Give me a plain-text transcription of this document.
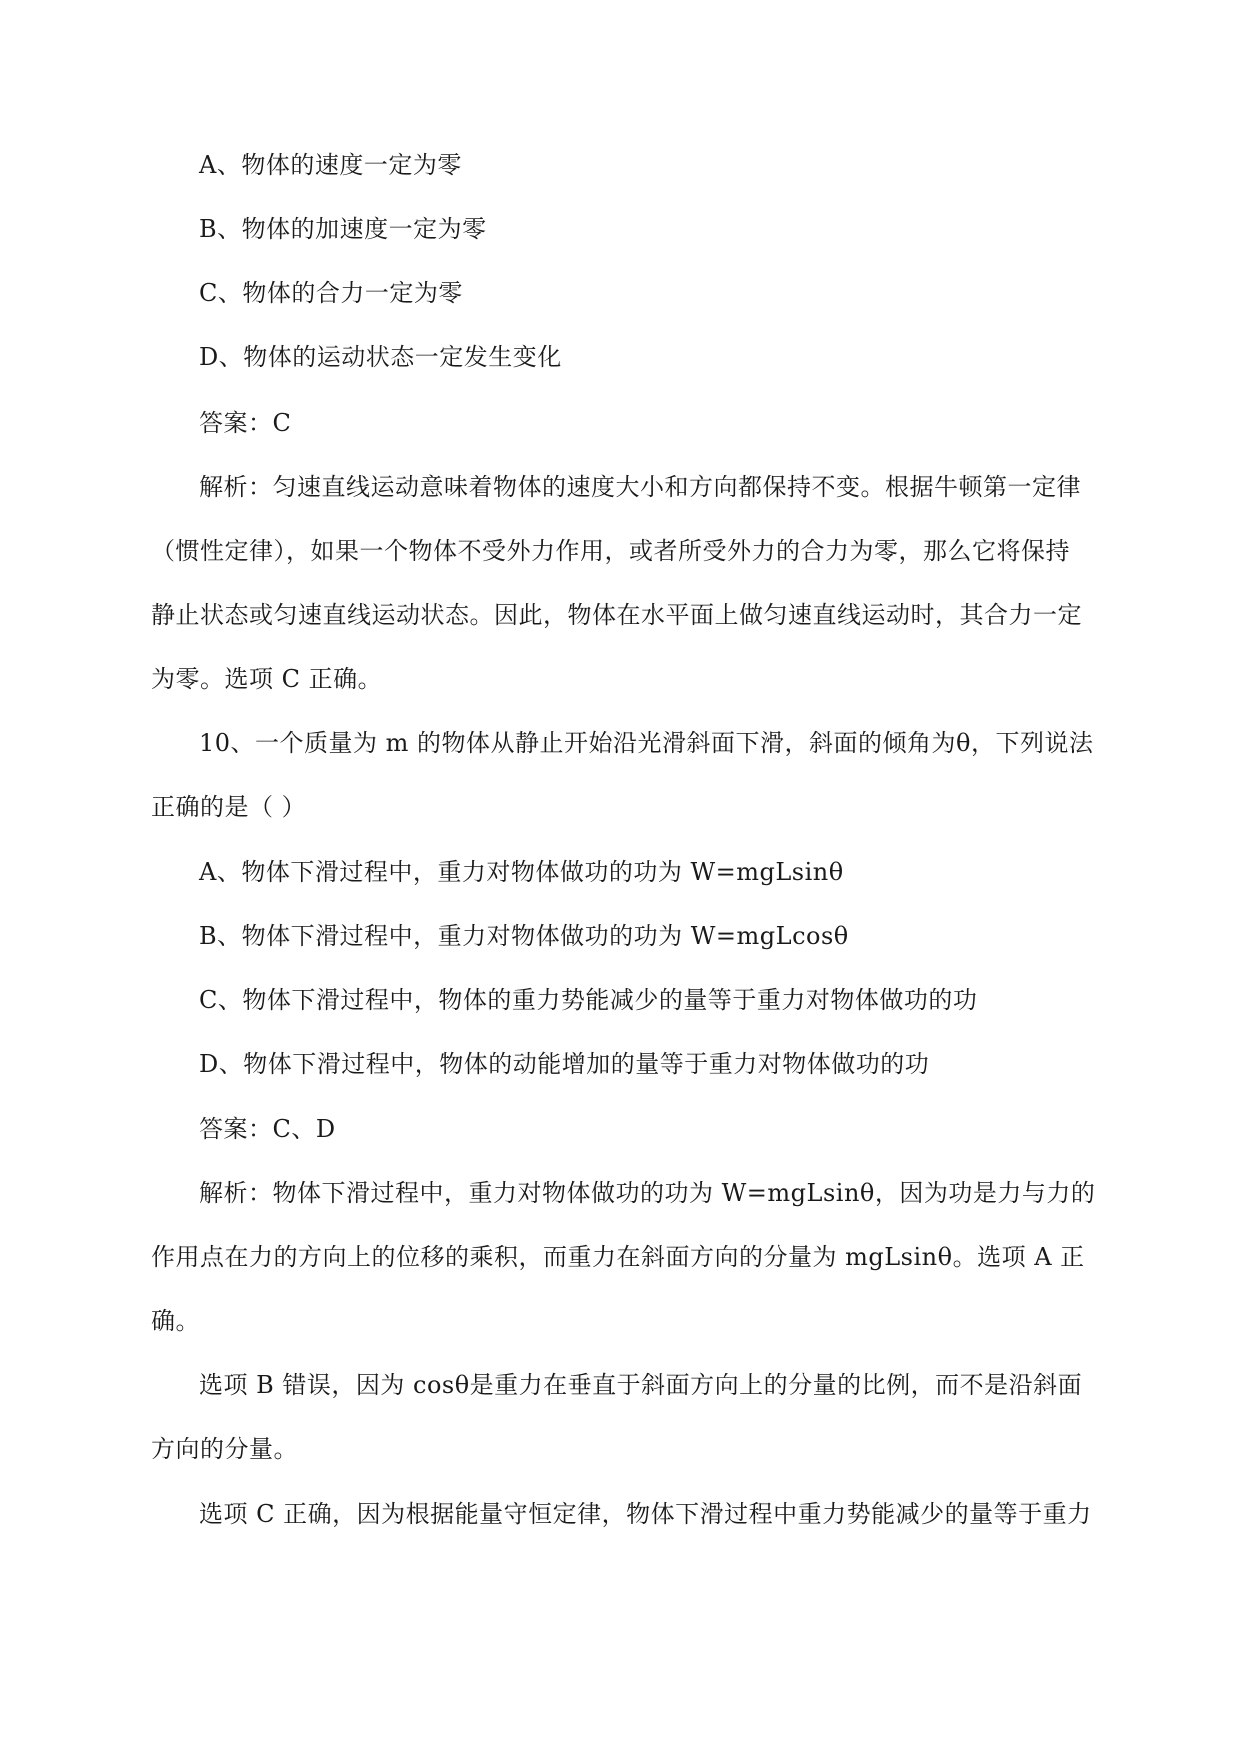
A、物体的速度一定为零

B、物体的加速度一定为零

C、物体的合力一定为零

D、物体的运动状态一定发生变化

答案：C

解析：匀速直线运动意味着物体的速度大小和方向都保持不变。根据牛顿第一定律

（惯性定律），如果一个物体不受外力作用，或者所受外力的合力为零，那么它将保持

静止状态或匀速直线运动状态。因此，物体在水平面上做匀速直线运动时，其合力一定

为零。选项 C 正确。

10、一个质量为 m 的物体从静止开始沿光滑斜面下滑，斜面的倾角为θ，下列说法

正确的是（ ）

A、物体下滑过程中，重力对物体做功的功为 W=mgLsinθ

B、物体下滑过程中，重力对物体做功的功为 W=mgLcosθ

C、物体下滑过程中，物体的重力势能减少的量等于重力对物体做功的功

D、物体下滑过程中，物体的动能增加的量等于重力对物体做功的功

答案：C、D

解析：物体下滑过程中，重力对物体做功的功为 W=mgLsinθ，因为功是力与力的

作用点在力的方向上的位移的乘积，而重力在斜面方向的分量为 mgLsinθ。选项 A 正

确。

选项 B 错误，因为 cosθ是重力在垂直于斜面方向上的分量的比例，而不是沿斜面

方向的分量。

选项 C 正确，因为根据能量守恒定律，物体下滑过程中重力势能减少的量等于重力
